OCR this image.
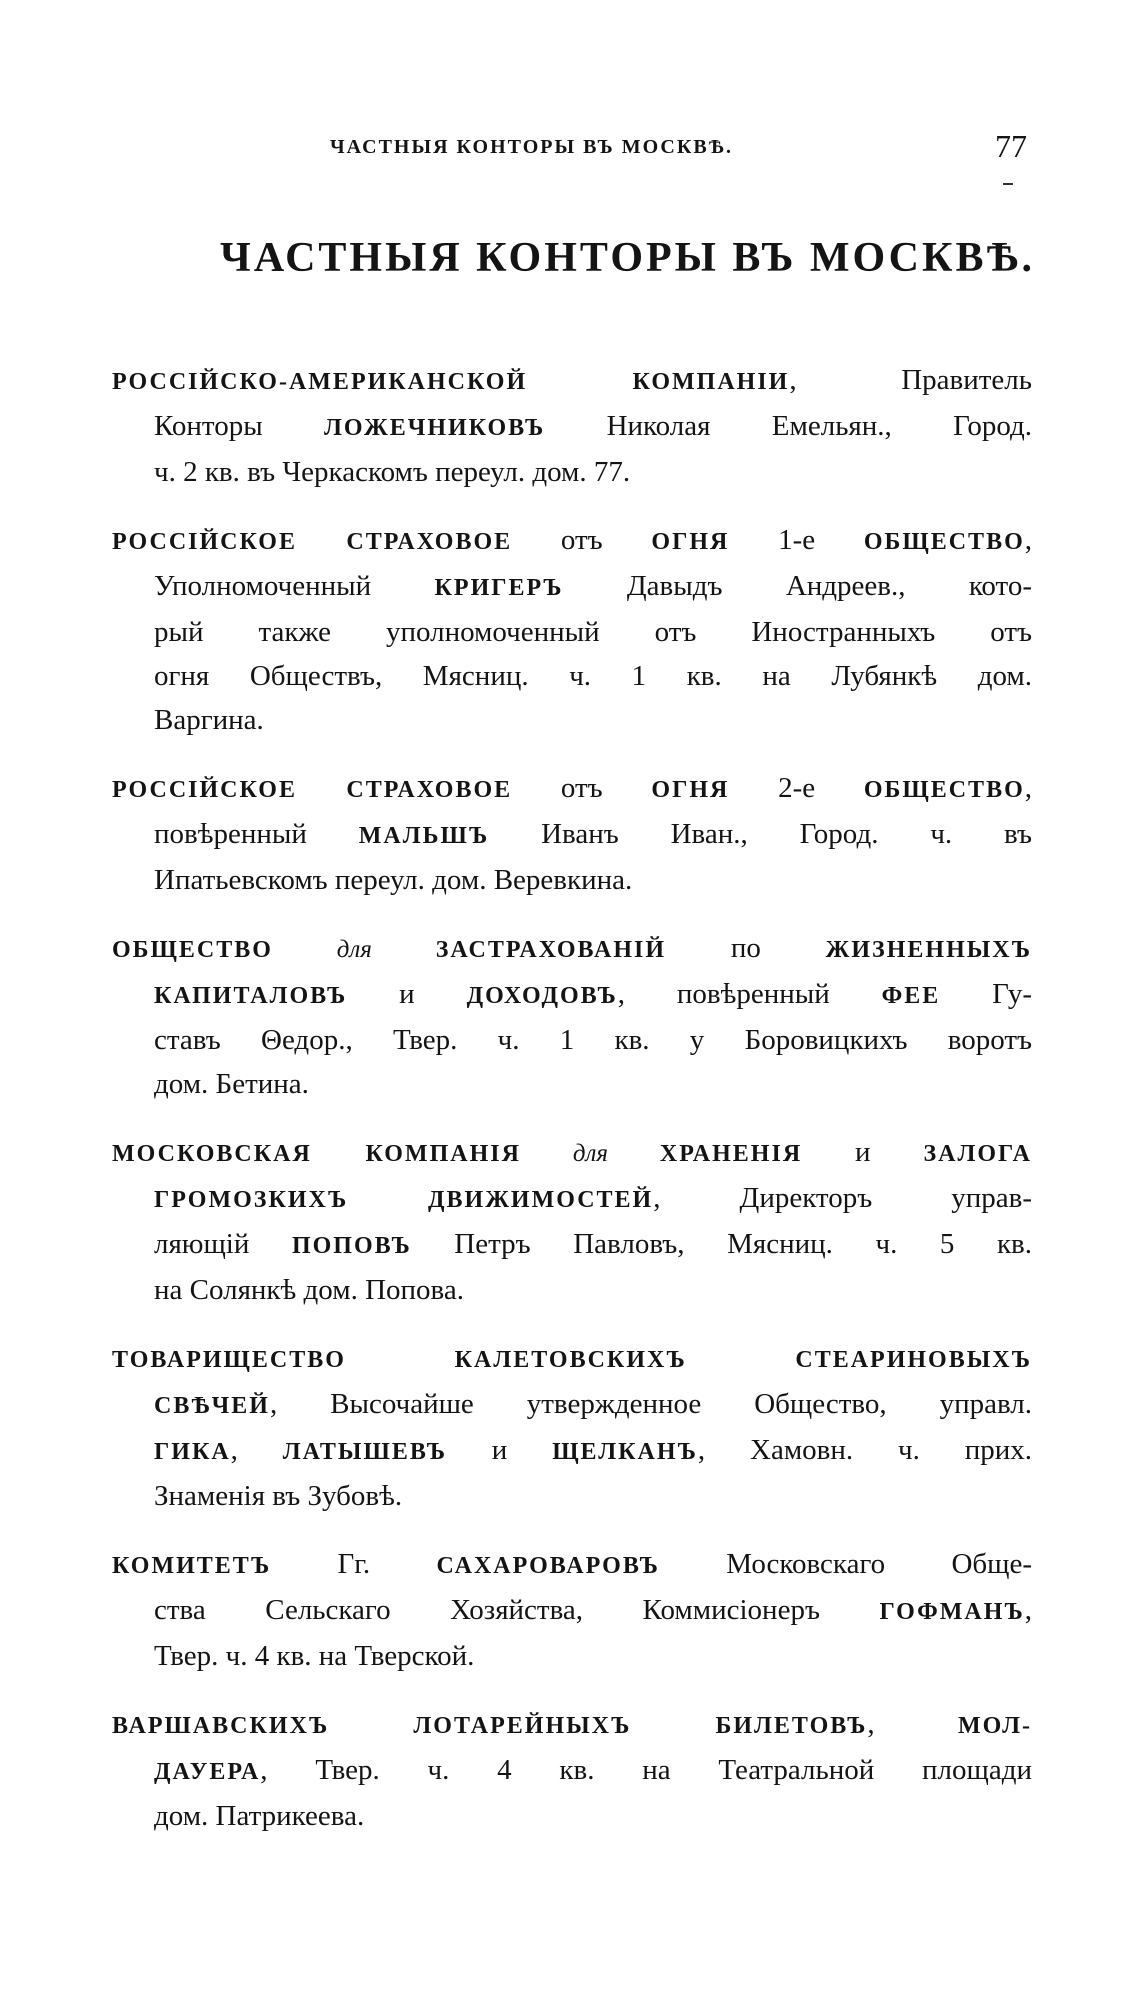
ЧАСТНЫЯ КОНТОРЫ ВЪ МОСКВѢ.	77
ЧАСТНЫЯ КОНТОРЫ ВЪ МОСКВѢ.
РОССІЙСКО-АМЕРИКАНСКОЙ КОМПАНІИ, Правитель
Конторы ЛОЖЕЧНИКОВЪ Николая Емельян., Город.
ч. 2 кв. въ Черкаскомъ переул. дом. 77.
РОССІЙСКОЕ СТРАХОВОЕ отъ ОГНЯ 1-е ОБЩЕСТВО,
Уполномоченный КРИГЕРЪ Давыдъ Андреев., кото-
рый также уполномоченный отъ Иностранныхъ отъ
огня Обществъ, Мясниц. ч. 1 кв. на Лубянкѣ дом.
Варгина.
РОССІЙСКОЕ СТРАХОВОЕ отъ ОГНЯ 2-е ОБЩЕСТВО,
повѣренный МАЛЬШЪ Иванъ Иван., Город. ч. въ
Ипатьевскомъ переул. дом. Веревкина.
ОБЩЕСТВО для ЗАСТРАХОВАНІЙ по ЖИЗНЕННЫХЪ
КАПИТАЛОВЪ и ДОХОДОВЪ, повѣренный ФЕЕ Гу-
ставъ Θедор., Твер. ч. 1 кв. у Боровицкихъ воротъ
дом. Бетина.
МОСКОВСКАЯ КОМПАНІЯ для ХРАНЕНІЯ и ЗАЛОГА
ГРОМОЗКИХЪ ДВИЖИМОСТЕЙ, Директоръ управ-
ляющій ПОПОВЪ Петръ Павловъ, Мясниц. ч. 5 кв.
на Солянкѣ дом. Попова.
ТОВАРИЩЕСТВО КАЛЕТОВСКИХЪ СТЕАРИНОВЫХЪ
СВѢЧЕЙ, Высочайше утвержденное Общество, управл.
ГИКА, ЛАТЫШЕВЪ и ЩЕЛКАНЪ, Хамовн. ч. прих.
Знаменія въ Зубовѣ.
КОМИТЕТЪ Гг. САХАРОВАРОВЪ Московскаго Обще-
ства Сельскаго Хозяйства, Коммисіонеръ ГОФМАНЪ,
Твер. ч. 4 кв. на Тверской.
ВАРШАВСКИХЪ ЛОТАРЕЙНЫХЪ БИЛЕТОВЪ, МОЛ-
ДАУЕРА, Твер. ч. 4 кв. на Театральной площади
дом. Патрикеева.
